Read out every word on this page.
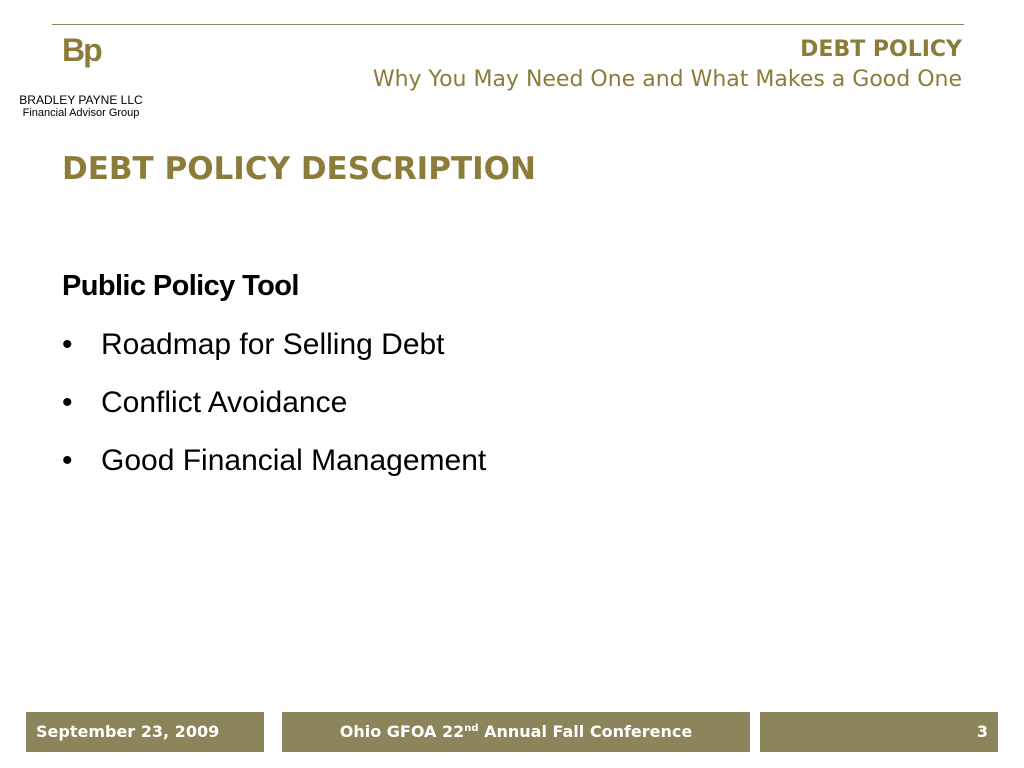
Bp
BRADLEY PAYNE LLC
Financial Advisor Group
DEBT POLICY
Why You May Need One and What Makes a Good One
DEBT POLICY DESCRIPTION
Public Policy Tool
• Roadmap for Selling Debt
• Conflict Avoidance
• Good Financial Management
September 23, 2009	Ohio GFOA 22nd Annual Fall Conference	3
